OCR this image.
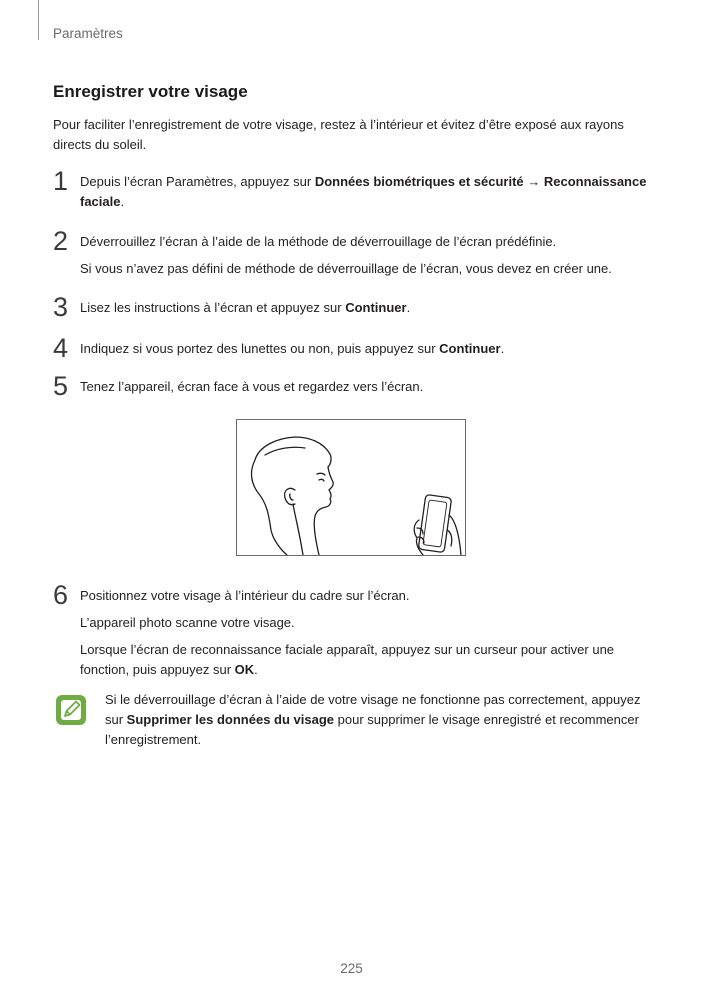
Paramètres
Enregistrer votre visage
Pour faciliter l’enregistrement de votre visage, restez à l’intérieur et évitez d’être exposé aux rayons directs du soleil.
1 Depuis l’écran Paramètres, appuyez sur Données biométriques et sécurité → Reconnaissance faciale.

2 Déverrouillez l’écran à l’aide de la méthode de déverrouillage de l’écran prédéfinie.

Si vous n’avez pas défini de méthode de déverrouillage de l’écran, vous devez en créer une.

3 Lisez les instructions à l’écran et appuyez sur Continuer.

4 Indiquez si vous portez des lunettes ou non, puis appuyez sur Continuer.

5 Tenez l’appareil, écran face à vous et regardez vers l’écran.

6 Positionnez votre visage à l’intérieur du cadre sur l’écran.

L’appareil photo scanne votre visage.

Lorsque l’écran de reconnaissance faciale apparaît, appuyez sur un curseur pour activer une fonction, puis appuyez sur OK.

Si le déverrouillage d’écran à l’aide de votre visage ne fonctionne pas correctement, appuyez sur Supprimer les données du visage pour supprimer le visage enregistré et recommencer l’enregistrement.
225
